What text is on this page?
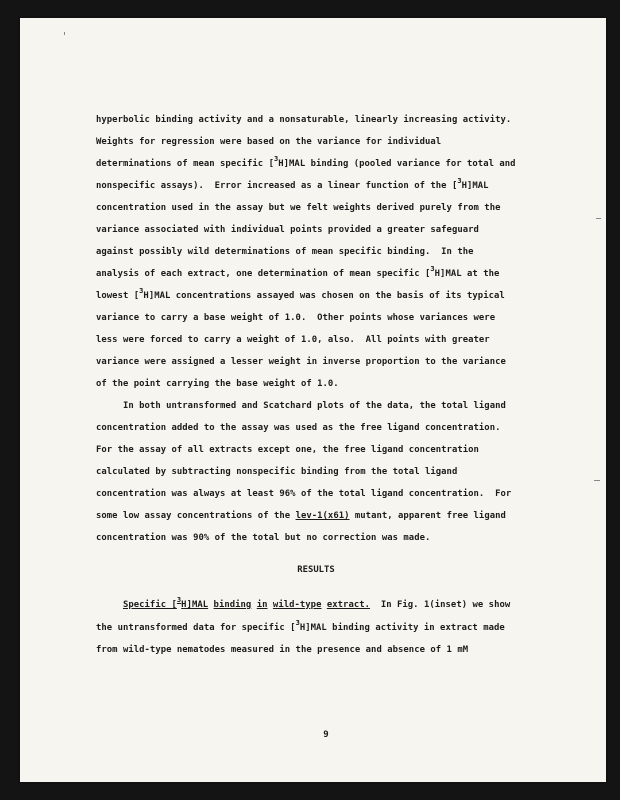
hyperbolic binding activity and a nonsaturable, linearly increasing activity.
Weights for regression were based on the variance for individual
determinations of mean specific [$^3$H]MAL binding (pooled variance for total and
nonspecific assays).  Error increased as a linear function of the [$^3$H]MAL
concentration used in the assay but we felt weights derived purely from the
variance associated with individual points provided a greater safeguard
against possibly wild determinations of mean specific binding.  In the
analysis of each extract, one determination of mean specific [$^3$H]MAL at the
lowest [$^3$H]MAL concentrations assayed was chosen on the basis of its typical
variance to carry a base weight of 1.0.  Other points whose variances were
less were forced to carry a weight of 1.0, also.  All points with greater
variance were assigned a lesser weight in inverse proportion to the variance
of the point carrying the base weight of 1.0.
In both untransformed and Scatchard plots of the data, the total ligand
concentration added to the assay was used as the free ligand concentration.
For the assay of all extracts except one, the free ligand concentration
calculated by subtracting nonspecific binding from the total ligand
concentration was always at least 96% of the total ligand concentration.  For
some low assay concentrations of the lev-1(x61) mutant, apparent free ligand
concentration was 90% of the total but no correction was made.
RESULTS
Specific [$^3$H]MAL binding in wild-type extract.  In Fig. 1(inset) we show
the untransformed data for specific [$^3$H]MAL binding activity in extract made
from wild-type nematodes measured in the presence and absence of 1 mM
9
